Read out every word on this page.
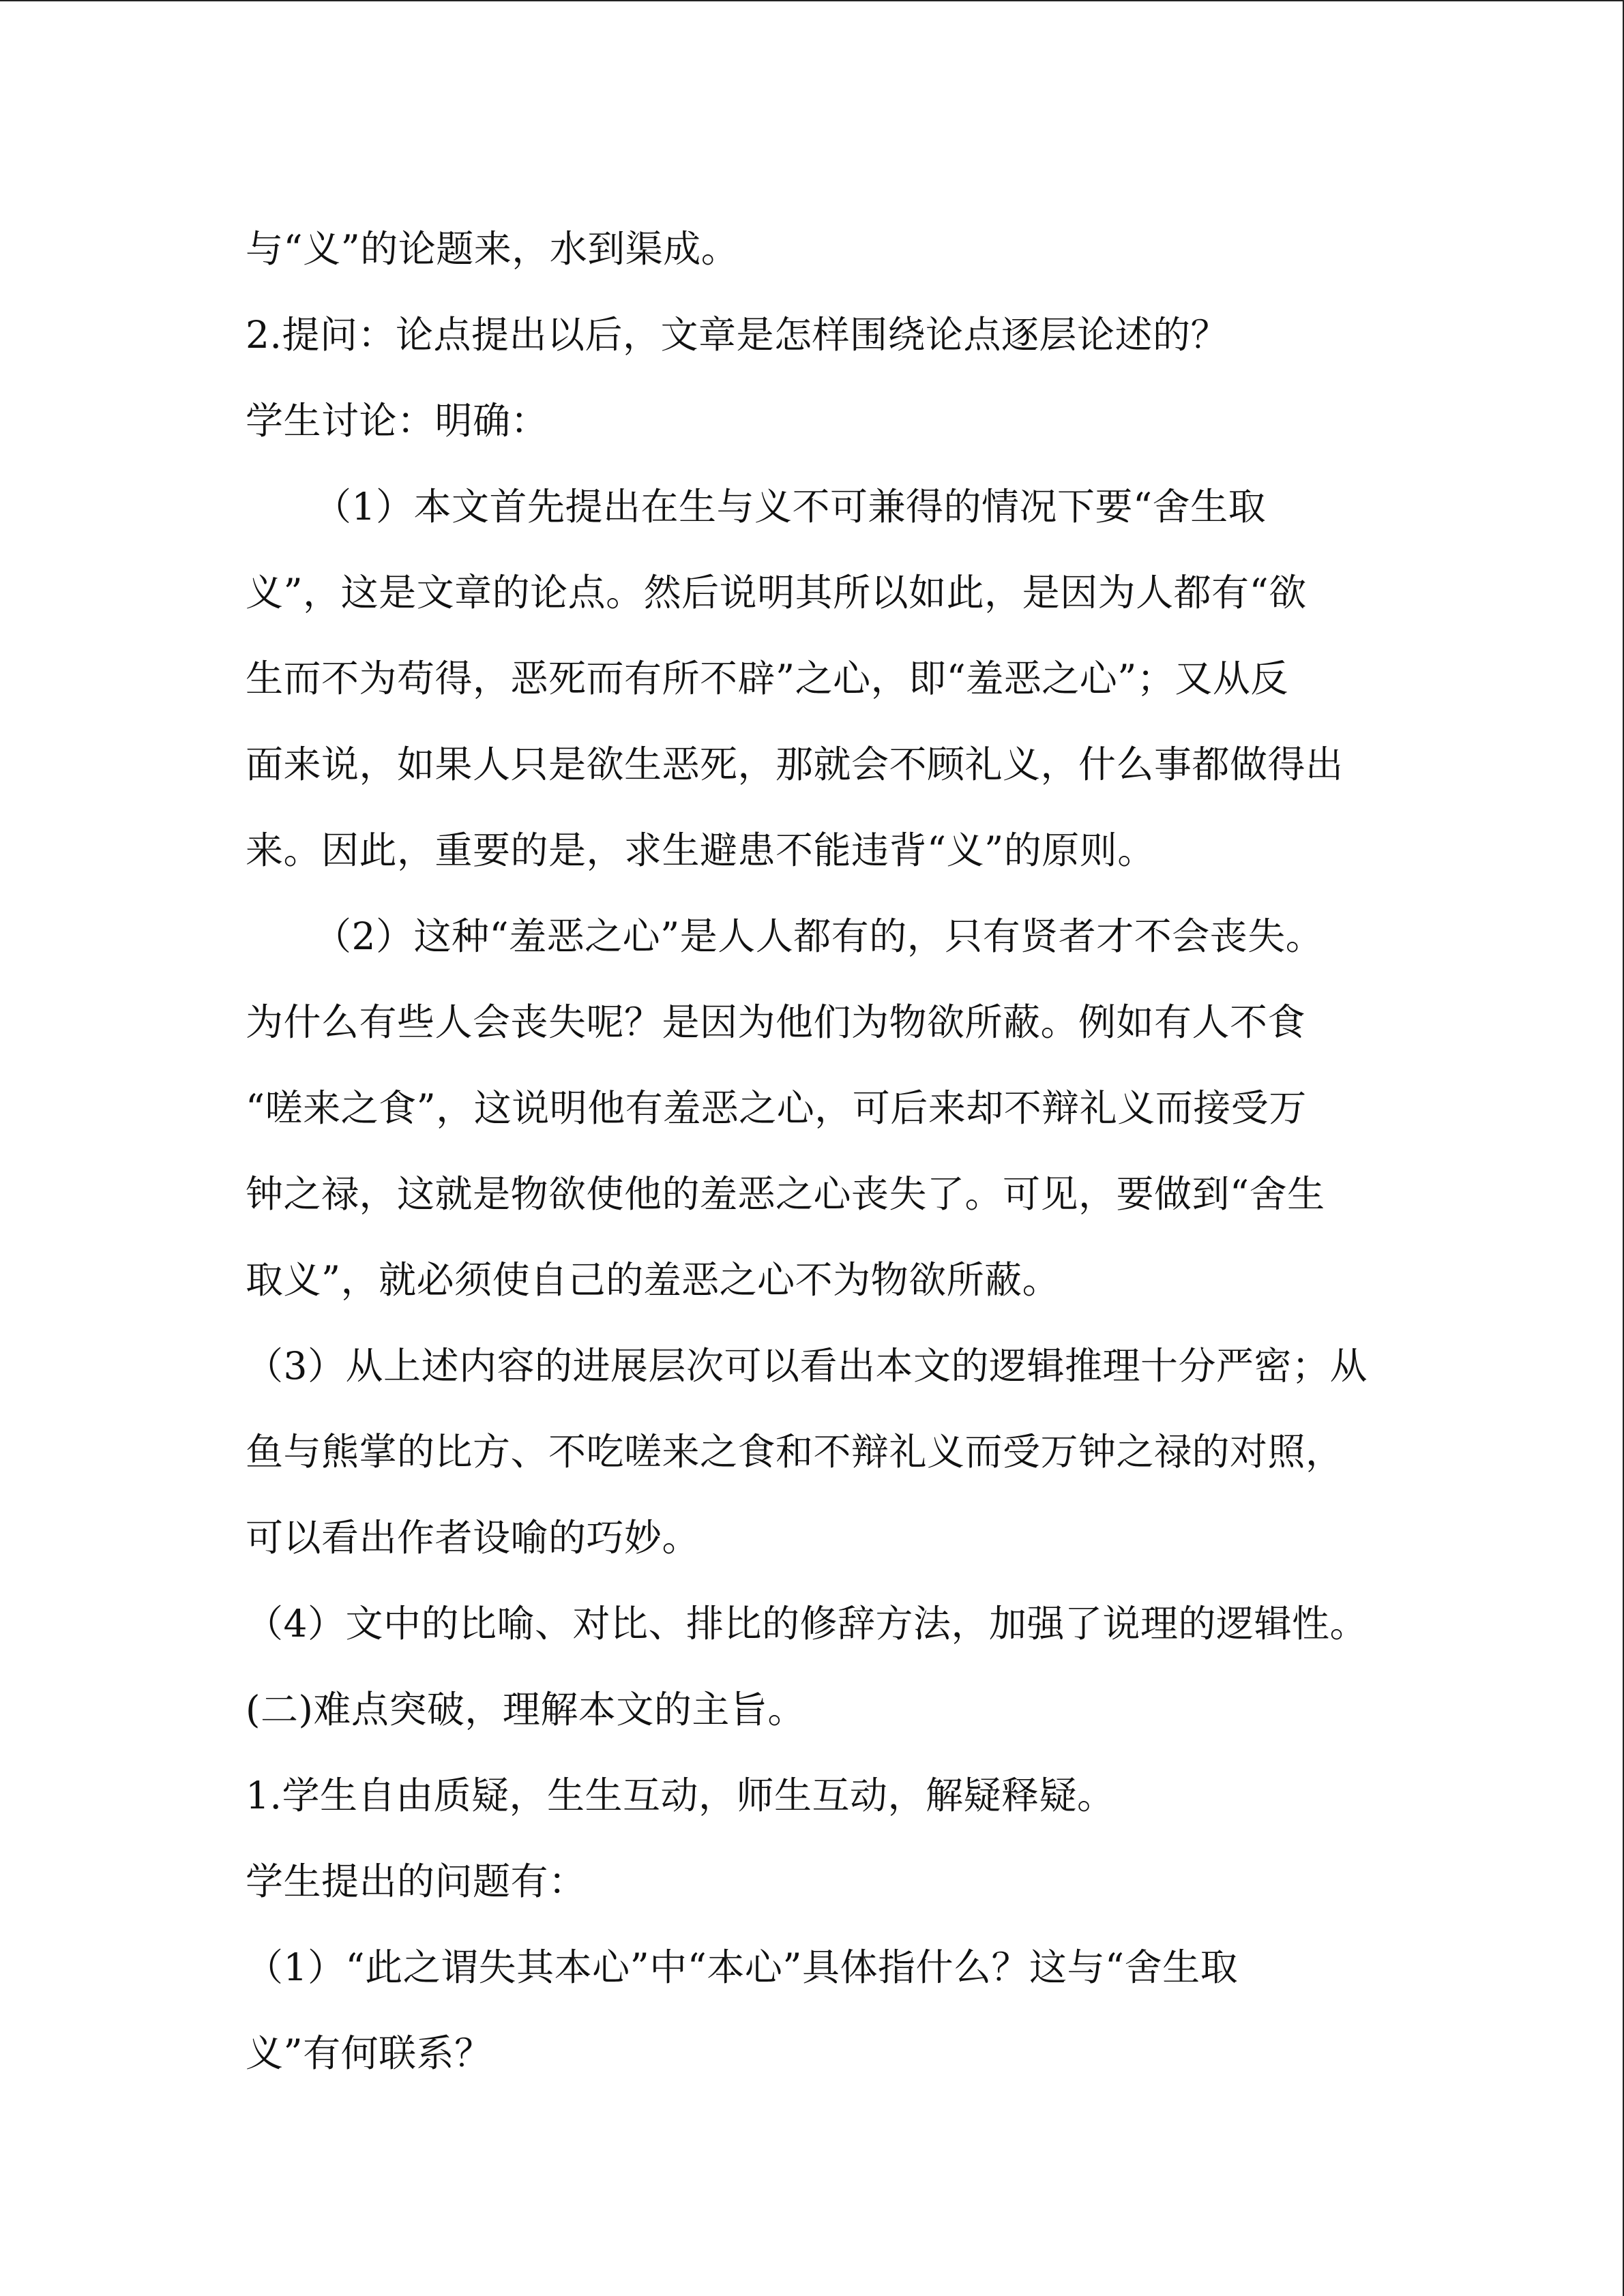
与“义”的论题来，水到渠成。
2.提问：论点提出以后，文章是怎样围绕论点逐层论述的？
学生讨论：明确：
（1）本文首先提出在生与义不可兼得的情况下要“舍生取
义”，这是文章的论点。然后说明其所以如此，是因为人都有“欲
生而不为苟得，恶死而有所不辟”之心，即“羞恶之心”；又从反
面来说，如果人只是欲生恶死，那就会不顾礼义，什么事都做得出
来。因此，重要的是，求生避患不能违背“义”的原则。
（2）这种“羞恶之心”是人人都有的，只有贤者才不会丧失。
为什么有些人会丧失呢？是因为他们为物欲所蔽。例如有人不食
“嗟来之食”，这说明他有羞恶之心，可后来却不辩礼义而接受万
钟之禄，这就是物欲使他的羞恶之心丧失了。可见，要做到“舍生
取义”，就必须使自己的羞恶之心不为物欲所蔽。
（3）从上述内容的进展层次可以看出本文的逻辑推理十分严密；从
鱼与熊掌的比方、不吃嗟来之食和不辩礼义而受万钟之禄的对照，
可以看出作者设喻的巧妙。
（4）文中的比喻、对比、排比的修辞方法，加强了说理的逻辑性。
(二)难点突破，理解本文的主旨。
1.学生自由质疑，生生互动，师生互动，解疑释疑。
学生提出的问题有：
（1）“此之谓失其本心”中“本心”具体指什么？这与“舍生取
义”有何联系？
